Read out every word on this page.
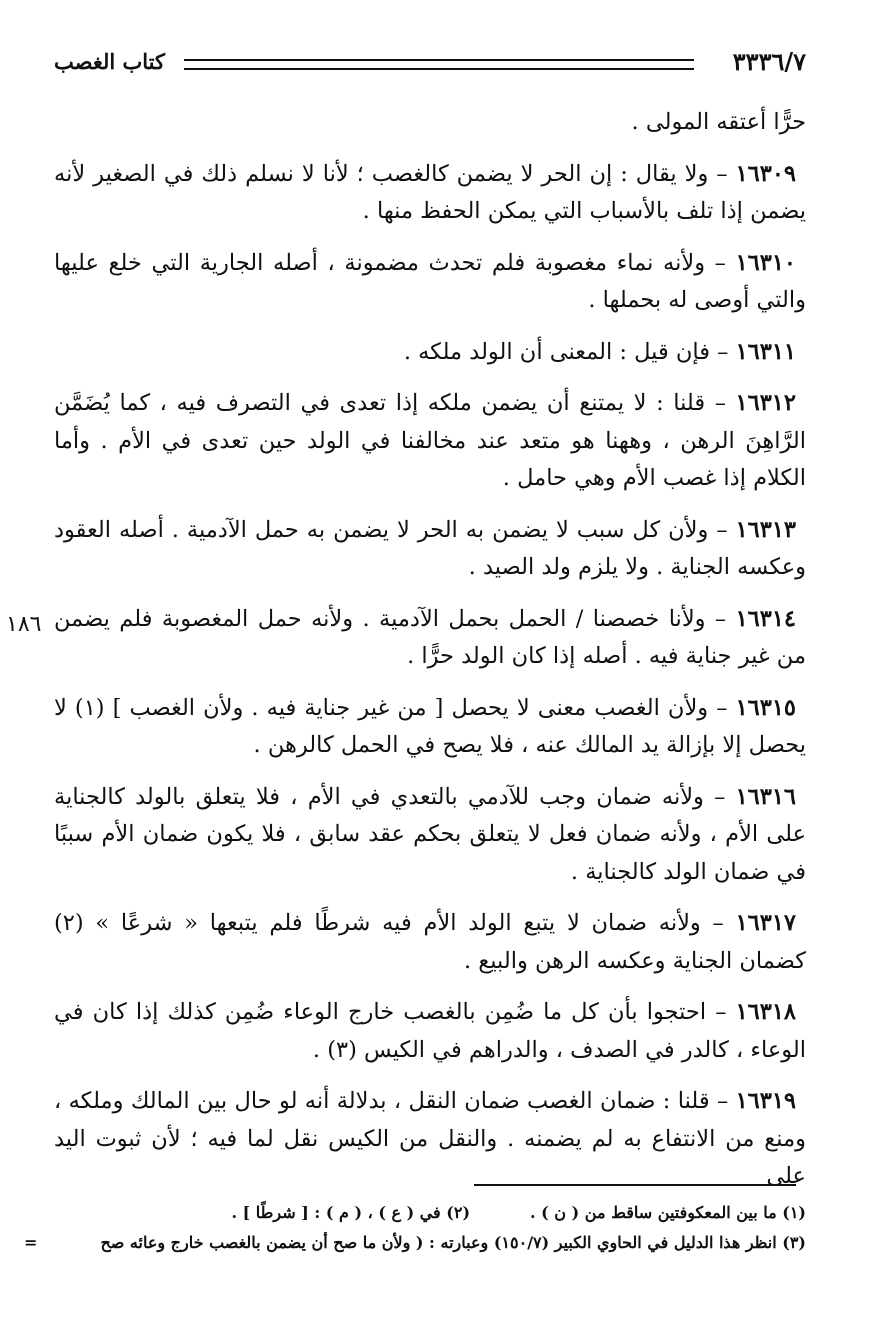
٣٣٣٦/٧
كتاب الغصب

حرًّا أعتقه المولى .

١٦٣٠٩ – ولا يقال : إن الحر لا يضمن كالغصب ؛ لأنا لا نسلم ذلك في الصغير لأنه يضمن إذا تلف بالأسباب التي يمكن الحفظ منها .

١٦٣١٠ – ولأنه نماء مغصوبة فلم تحدث مضمونة ، أصله الجارية التي خلع عليها والتي أوصى له بحملها .

١٦٣١١ – فإن قيل : المعنى أن الولد ملكه .

١٦٣١٢ – قلنا : لا يمتنع أن يضمن ملكه إذا تعدى في التصرف فيه ، كما يُضَمَّن الرَّاهِنَ الرهن ، وههنا هو متعد عند مخالفنا في الولد حين تعدى في الأم . وأما الكلام إذا غصب الأم وهي حامل .

١٦٣١٣ – ولأن كل سبب لا يضمن به الحر لا يضمن به حمل الآدمية . أصله العقود وعكسه الجناية . ولا يلزم ولد الصيد .

١٦٣١٤ – ولأنا خصصنا / الحمل بحمل الآدمية . ولأنه حمل المغصوبة فلم يضمن من غير جناية فيه . أصله إذا كان الولد حرًّا .

١٦٣١٥ – ولأن الغصب معنى لا يحصل [ من غير جناية فيه . ولأن الغصب ] (١) لا يحصل إلا بإزالة يد المالك عنه ، فلا يصح في الحمل كالرهن .

١٦٣١٦ – ولأنه ضمان وجب للآدمي بالتعدي في الأم ، فلا يتعلق بالولد كالجناية على الأم ، ولأنه ضمان فعل لا يتعلق بحكم عقد سابق ، فلا يكون ضمان الأم سببًا في ضمان الولد كالجناية .

١٦٣١٧ – ولأنه ضمان لا يتبع الولد الأم فيه شرطًا فلم يتبعها « شرعًا » (٢) كضمان الجناية وعكسه الرهن والبيع .

١٦٣١٨ – احتجوا بأن كل ما ضُمِن بالغصب خارج الوعاء ضُمِن كذلك إذا كان في الوعاء ، كالدر في الصدف ، والدراهم في الكيس (٣) .

١٦٣١٩ – قلنا : ضمان الغصب ضمان النقل ، بدلالة أنه لو حال بين المالك وملكه ، ومنع من الانتفاع به لم يضمنه . والنقل من الكيس نقل لما فيه ؛ لأن ثبوت اليد على

١٨٦
(١) ما بين المعكوفتين ساقط من ( ن ) .
(٢) في ( ع ) ، ( م ) : [ شرطًا ] .
(٣) انظر هذا الدليل في الحاوي الكبير (١٥٠/٧) وعبارته : ( ولأن ما صح أن يضمن بالغصب خارج وعائه صح
=
